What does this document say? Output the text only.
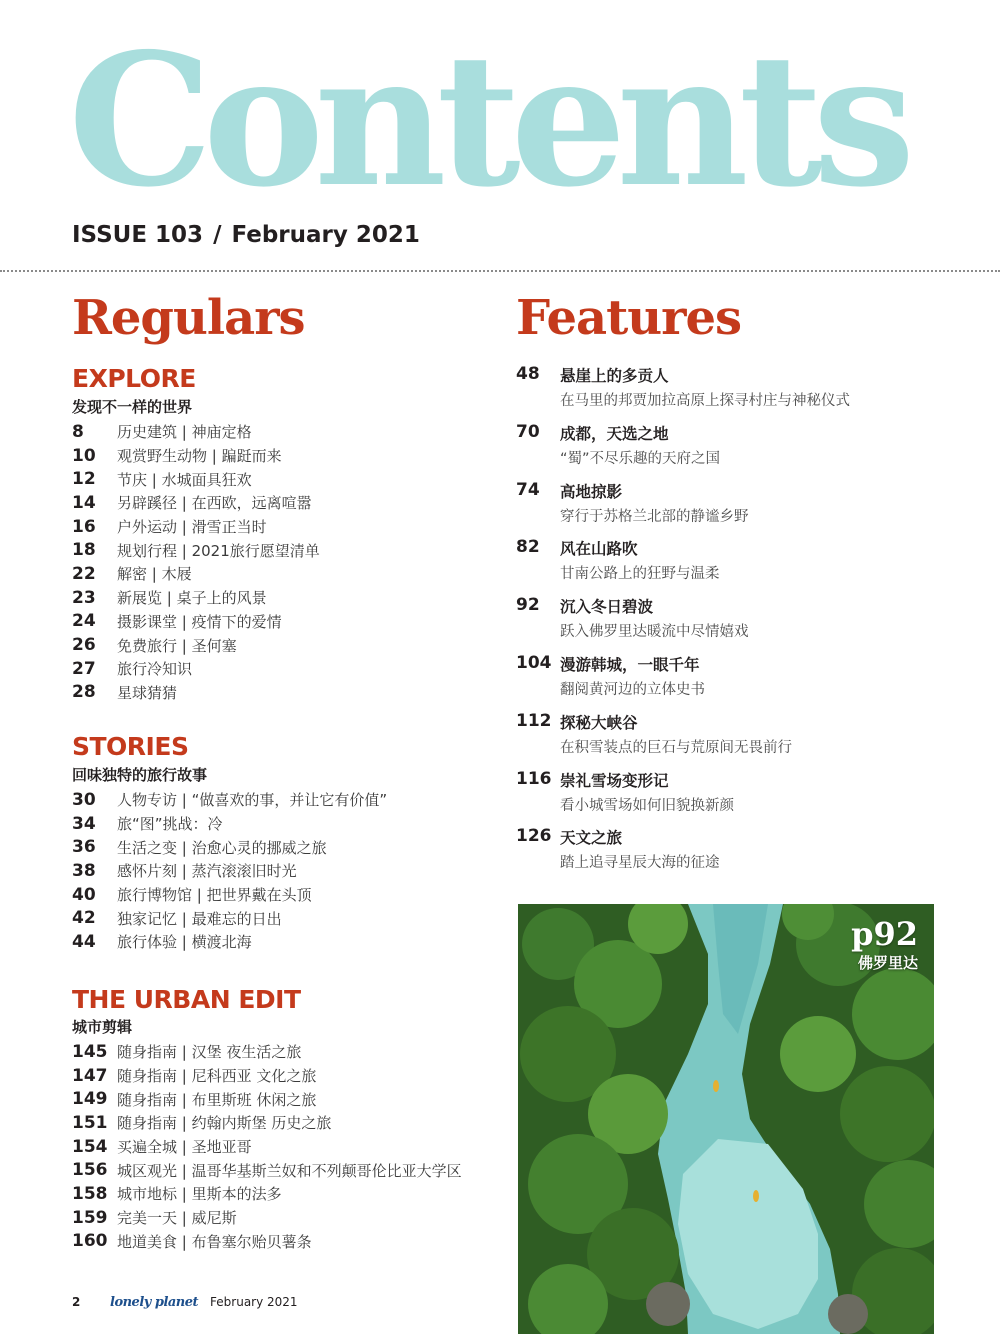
Contents
ISSUE 103 / February 2021
Regulars	Features
EXPLORE
发现不一样的世界
8	历史建筑 | 神庙定格
10	观赏野生动物 | 蹁跹而来
12	节庆 | 水城面具狂欢
14	另辟蹊径 | 在西欧，远离喧嚣
16	户外运动 | 滑雪正当时
18	规划行程 | 2021旅行愿望清单
22	解密 | 木屐
23	新展览 | 桌子上的风景
24	摄影课堂 | 疫情下的爱情
26	免费旅行 | 圣何塞
27	旅行冷知识
28	星球猜猜
STORIES
回味独特的旅行故事
30	人物专访 | “做喜欢的事，并让它有价值”
34	旅“图”挑战：冷
36	生活之变 | 治愈心灵的挪威之旅
38	感怀片刻 | 蒸汽滚滚旧时光
40	旅行博物馆 | 把世界戴在头顶
42	独家记忆 | 最难忘的日出
44	旅行体验 | 横渡北海
THE URBAN EDIT
城市剪辑
145 随身指南 | 汉堡 夜生活之旅
147 随身指南 | 尼科西亚 文化之旅
149 随身指南 | 布里斯班 休闲之旅
151 随身指南 | 约翰内斯堡 历史之旅
154 买遍全城 | 圣地亚哥
156 城区观光 | 温哥华基斯兰奴和不列颠哥伦比亚大学区
158 城市地标 | 里斯本的法多
159 完美一天 | 威尼斯
160 地道美食 | 布鲁塞尔贻贝薯条
48	悬崖上的多贡人
在马里的邦贾加拉高原上探寻村庄与神秘仪式
70	成都，天选之地
“蜀”不尽乐趣的天府之国
74	高地掠影
穿行于苏格兰北部的静谧乡野
82	风在山路吹
甘南公路上的狂野与温柔
92	沉入冬日碧波
跃入佛罗里达暖流中尽情嬉戏
104 漫游韩城，一眼千年
翻阅黄河边的立体史书
112 探秘大峡谷
在积雪装点的巨石与荒原间无畏前行
116 崇礼雪场变形记
看小城雪场如何旧貌换新颜
126 天文之旅
踏上追寻星辰大海的征途
p92
佛罗里达
2	lonely planet February 2021
